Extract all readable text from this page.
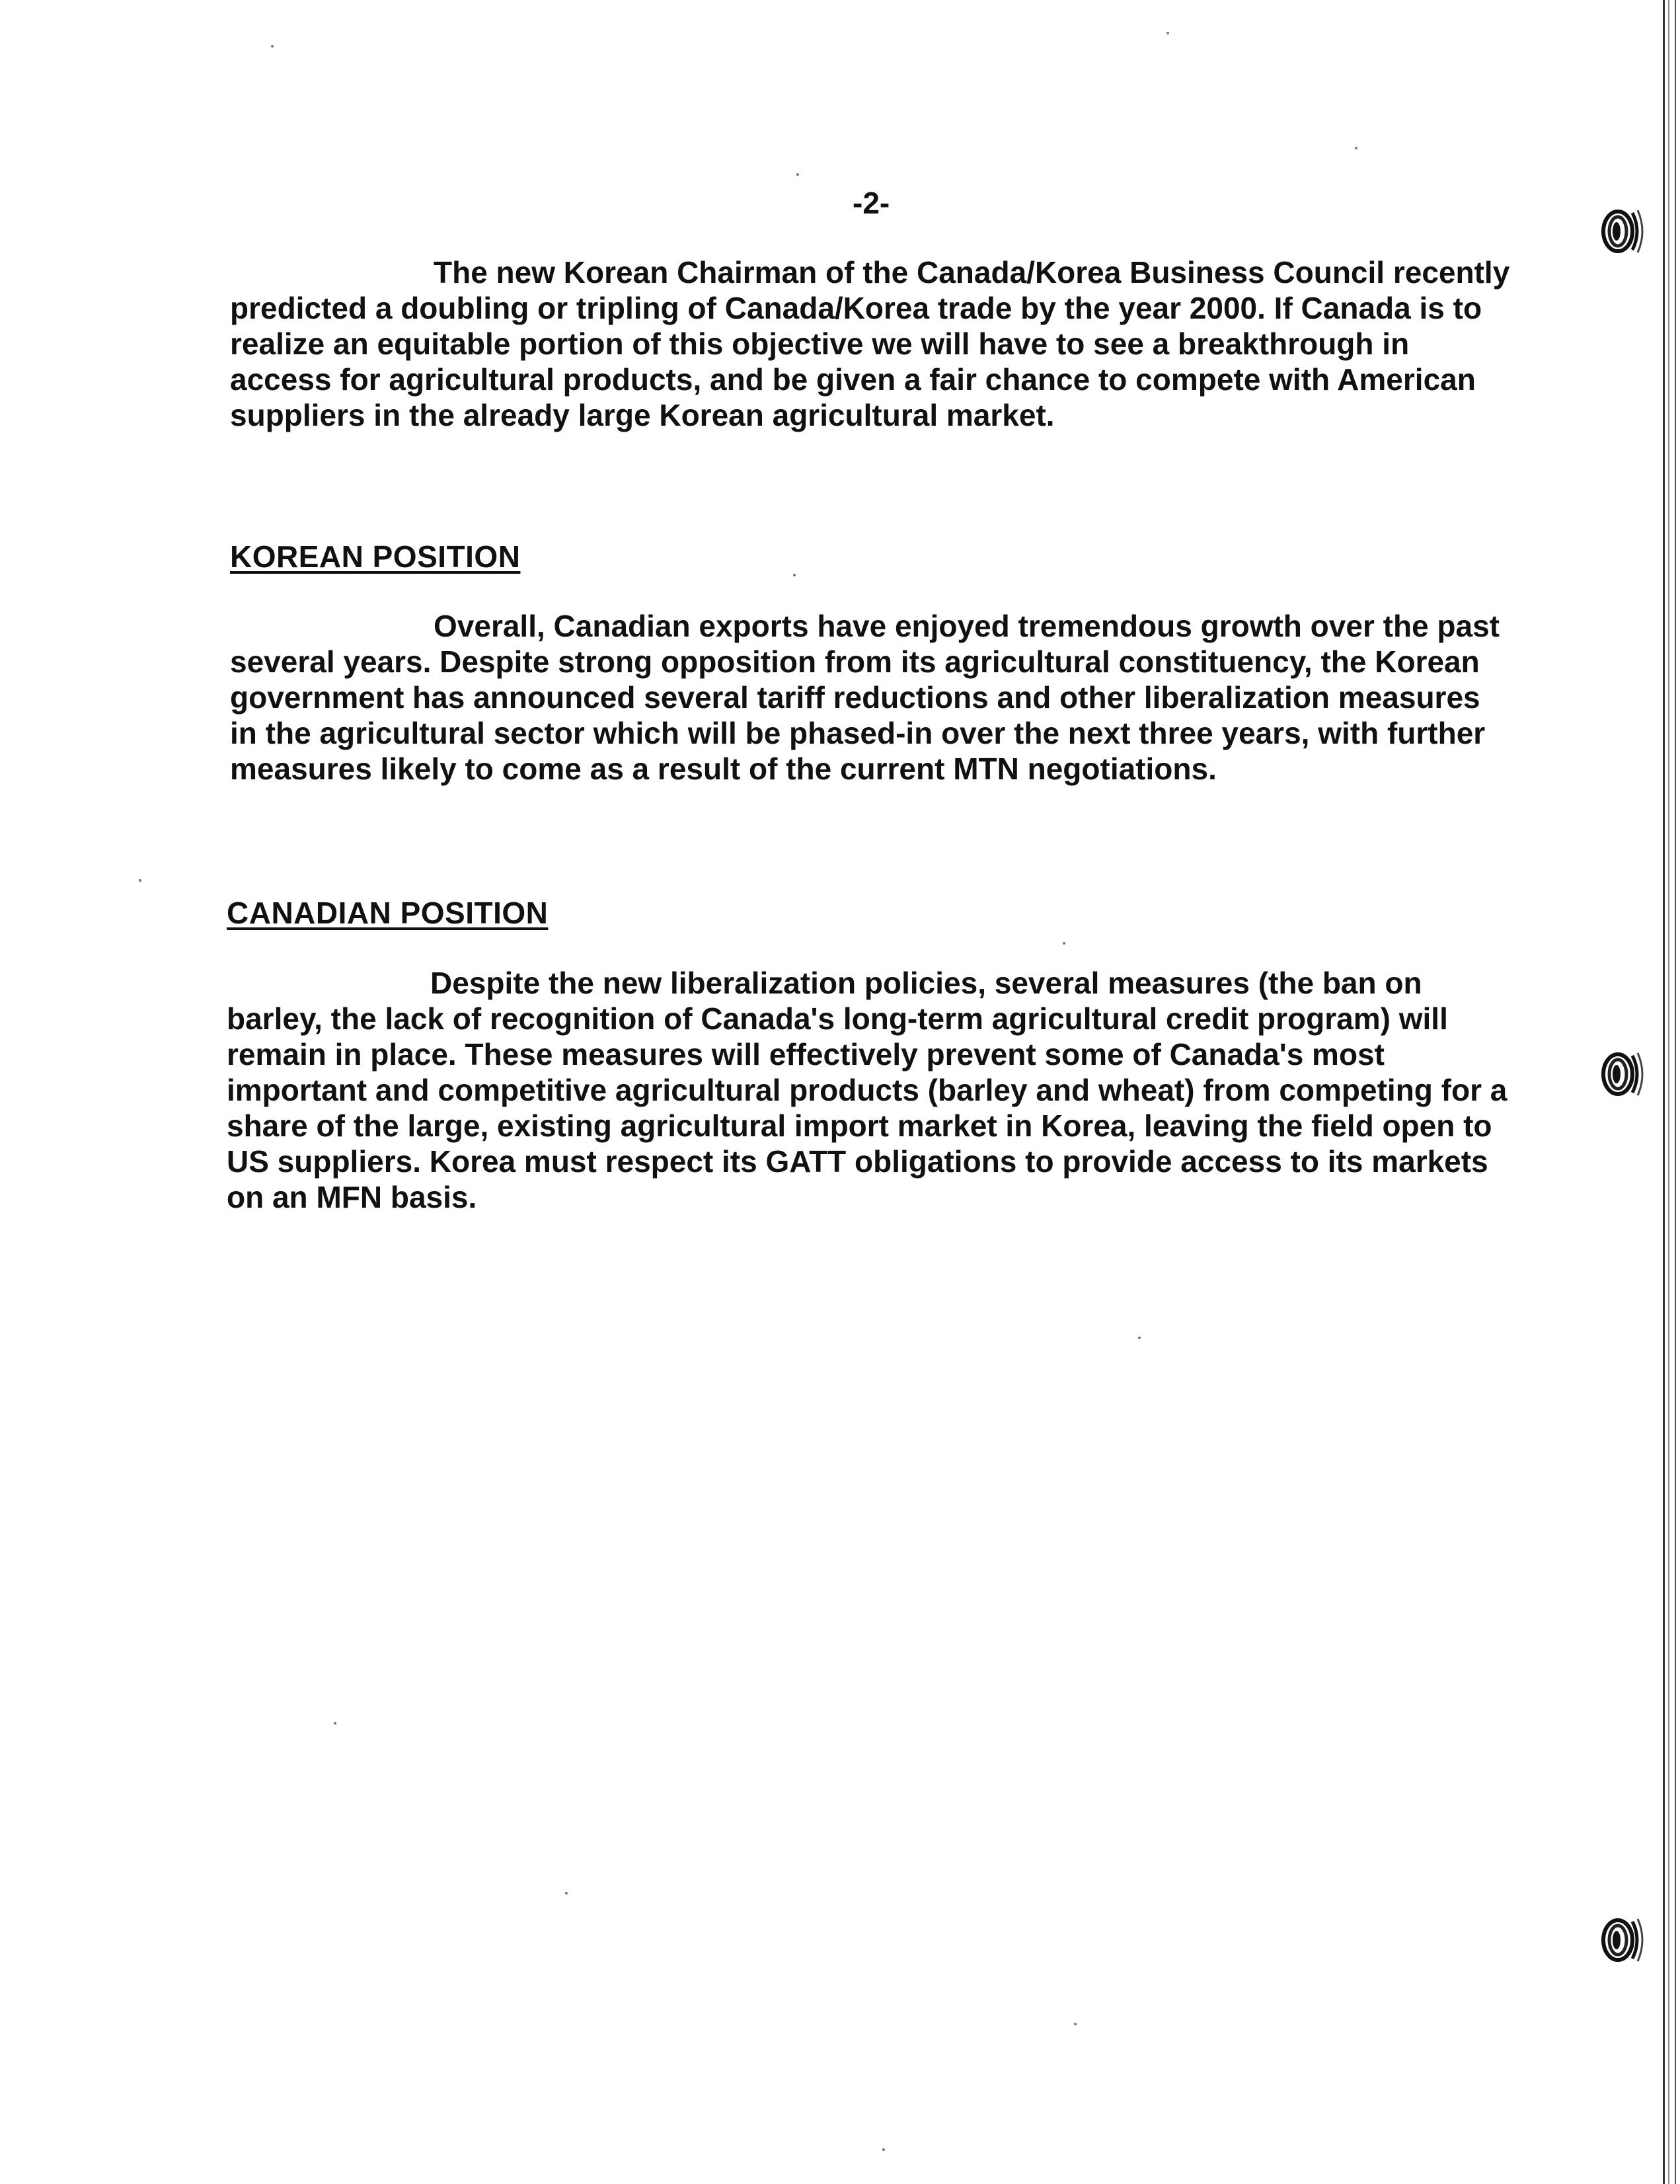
-2-

The new Korean Chairman of the Canada/Korea Business Council recently predicted a doubling or tripling of Canada/Korea trade by the year 2000. If Canada is to realize an equitable portion of this objective we will have to see a breakthrough in access for agricultural products, and be given a fair chance to compete with American suppliers in the already large Korean agricultural market.

KOREAN POSITION

Overall, Canadian exports have enjoyed tremendous growth over the past several years. Despite strong opposition from its agricultural constituency, the Korean government has announced several tariff reductions and other liberalization measures in the agricultural sector which will be phased-in over the next three years, with further measures likely to come as a result of the current MTN negotiations.

CANADIAN POSITION

Despite the new liberalization policies, several measures (the ban on barley, the lack of recognition of Canada's long-term agricultural credit program) will remain in place. These measures will effectively prevent some of Canada's most important and competitive agricultural products (barley and wheat) from competing for a share of the large, existing agricultural import market in Korea, leaving the field open to US suppliers. Korea must respect its GATT obligations to provide access to its markets on an MFN basis.
